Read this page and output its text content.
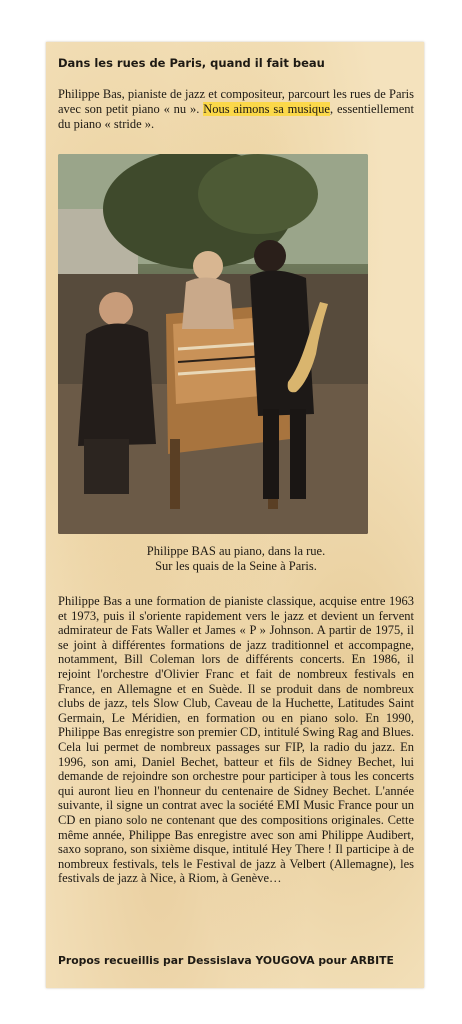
Dans les rues de Paris, quand il fait beau

Philippe Bas, pianiste de jazz et compositeur, parcourt les rues de Paris avec son petit piano « nu ». Nous aimons sa musique, essentiellement du piano « stride ».

Philippe BAS au piano, dans la rue.
Sur les quais de la Seine à Paris.

Philippe Bas a une formation de pianiste classique, acquise entre 1963 et 1973, puis il s'oriente rapidement vers le jazz et devient un fervent admirateur de Fats Waller et James « P » Johnson. A partir de 1975, il se joint à différentes formations de jazz traditionnel et accompagne, notamment, Bill Coleman lors de différents concerts. En 1986, il rejoint l'orchestre d'Olivier Franc et fait de nombreux festivals en France, en Allemagne et en Suède. Il se produit dans de nombreux clubs de jazz, tels Slow Club, Caveau de la Huchette, Latitudes Saint Germain, Le Méridien, en formation ou en piano solo. En 1990, Philippe Bas enregistre son premier CD, intitulé Swing Rag and Blues. Cela lui permet de nombreux passages sur FIP, la radio du jazz. En 1996, son ami, Daniel Bechet, batteur et fils de Sidney Bechet, lui demande de rejoindre son orchestre pour participer à tous les concerts qui auront lieu en l'honneur du centenaire de Sidney Bechet. L'année suivante, il signe un contrat avec la société EMI Music France pour un CD en piano solo ne contenant que des compositions originales. Cette même année, Philippe Bas enregistre avec son ami Philippe Audibert, saxo soprano, son sixième disque, intitulé Hey There ! Il participe à de nombreux festivals, tels le Festival de jazz à Velbert (Allemagne), les festivals de jazz à Nice, à Riom, à Genève…

Propos recueillis par Dessislava YOUGOVA pour ARBITE
